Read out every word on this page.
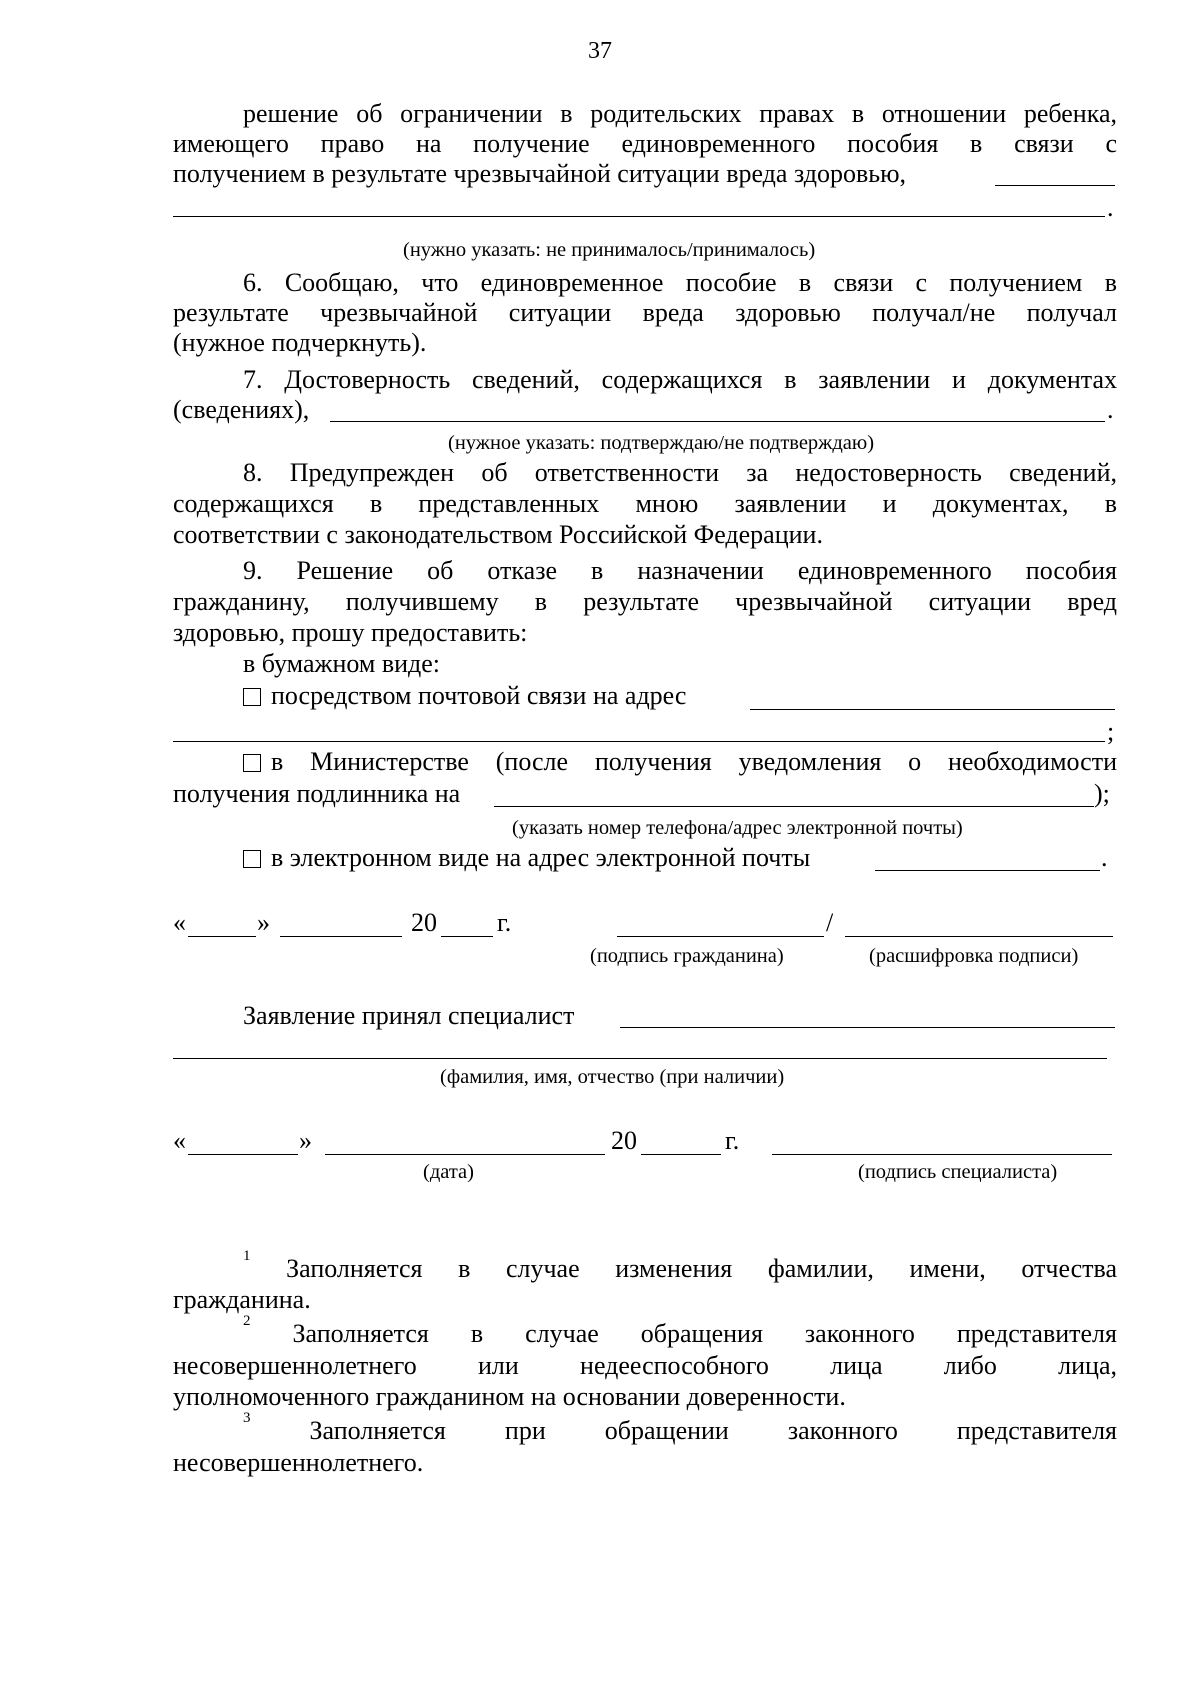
37
решение об ограничении в родительских правах в отношении ребенка,
имеющего право на получение единовременного пособия в связи с
получением в результате чрезвычайной ситуации вреда здоровью,
.
(нужно указать: не принималось/принималось)
6. Сообщаю, что единовременное пособие в связи с получением в
результате чрезвычайной ситуации вреда здоровью получал/не получал
(нужное подчеркнуть).
7. Достоверность сведений, содержащихся в заявлении и документах
(сведениях),	.
(нужное указать: подтверждаю/не подтверждаю)
8. Предупрежден об ответственности за недостоверность сведений,
содержащихся в представленных мною заявлении и документах, в
соответствии с законодательством Российской Федерации.
9. Решение об отказе в назначении единовременного пособия
гражданину, получившему в результате чрезвычайной ситуации вред
здоровью, прошу предоставить:
в бумажном виде:
посредством почтовой связи на адрес
;
в Министерстве (после получения уведомления о необходимости
получения подлинника на	);
(указать номер телефона/адрес электронной почты)
в электронном виде на адрес электронной почты	.
«	»	20 г.	/
(подпись гражданина)	(расшифровка подписи)
Заявление принял специалист
(фамилия, имя, отчество (при наличии)
«	»	20	г.
(дата)	(подпись специалиста)
$^1$ Заполняется в случае изменения фамилии, имени, отчества
гражданина.
$^2$ Заполняется в случае обращения законного представителя
несовершеннолетнего или недееспособного лица либо лица,
уполномоченного гражданином на основании доверенности.
$^3$ Заполняется при обращении законного представителя
несовершеннолетнего.
